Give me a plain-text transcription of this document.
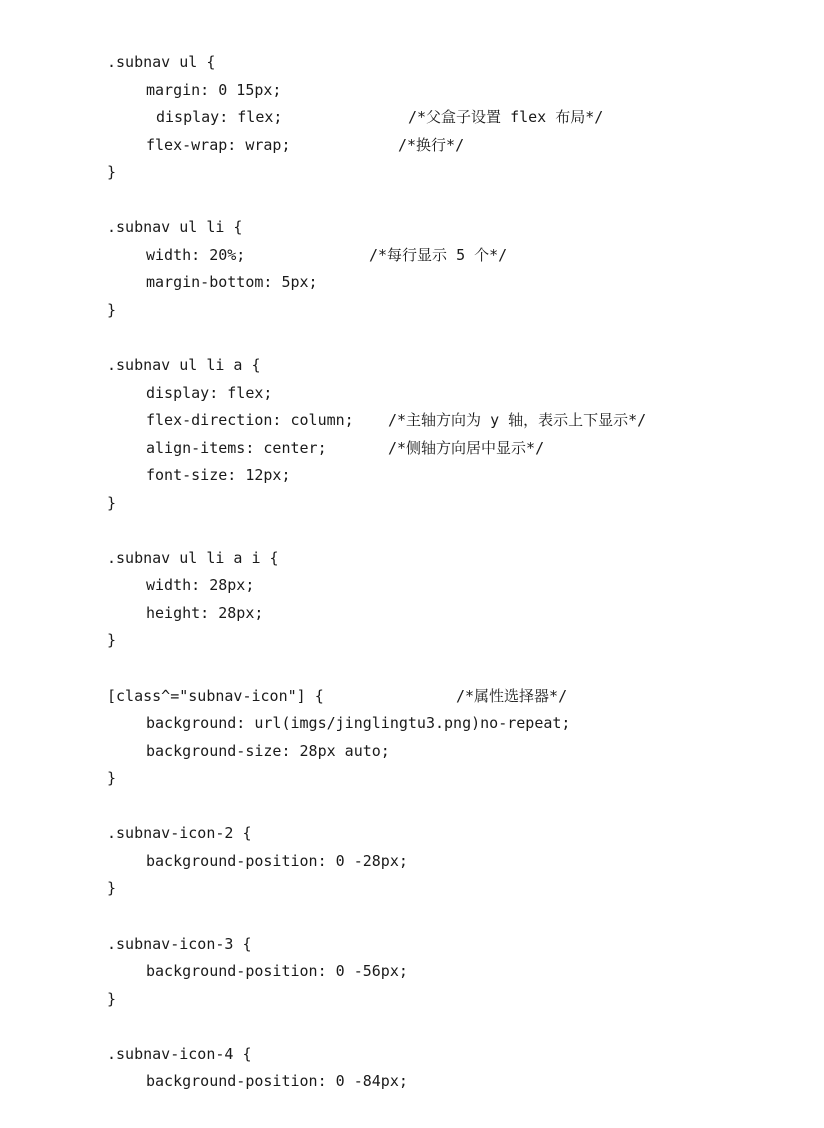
.subnav ul {
margin: 0 15px;
display: flex;	/*父盒子设置 flex 布局*/
flex-wrap: wrap;	/*换行*/
}
.subnav ul li {
width: 20%;	/*每行显示 5 个*/
margin-bottom: 5px;
}
.subnav ul li a {
display: flex;
flex-direction: column; /*主轴方向为 y 轴，表示上下显示*/
align-items: center;	/*侧轴方向居中显示*/
font-size: 12px;
}
.subnav ul li a i {
width: 28px;
height: 28px;
}
[class^="subnav-icon"] {	/*属性选择器*/
background: url(imgs/jinglingtu3.png)no-repeat;
background-size: 28px auto;
}
.subnav-icon-2 {
background-position: 0 -28px;
}
.subnav-icon-3 {
background-position: 0 -56px;
}
.subnav-icon-4 {
background-position: 0 -84px;
